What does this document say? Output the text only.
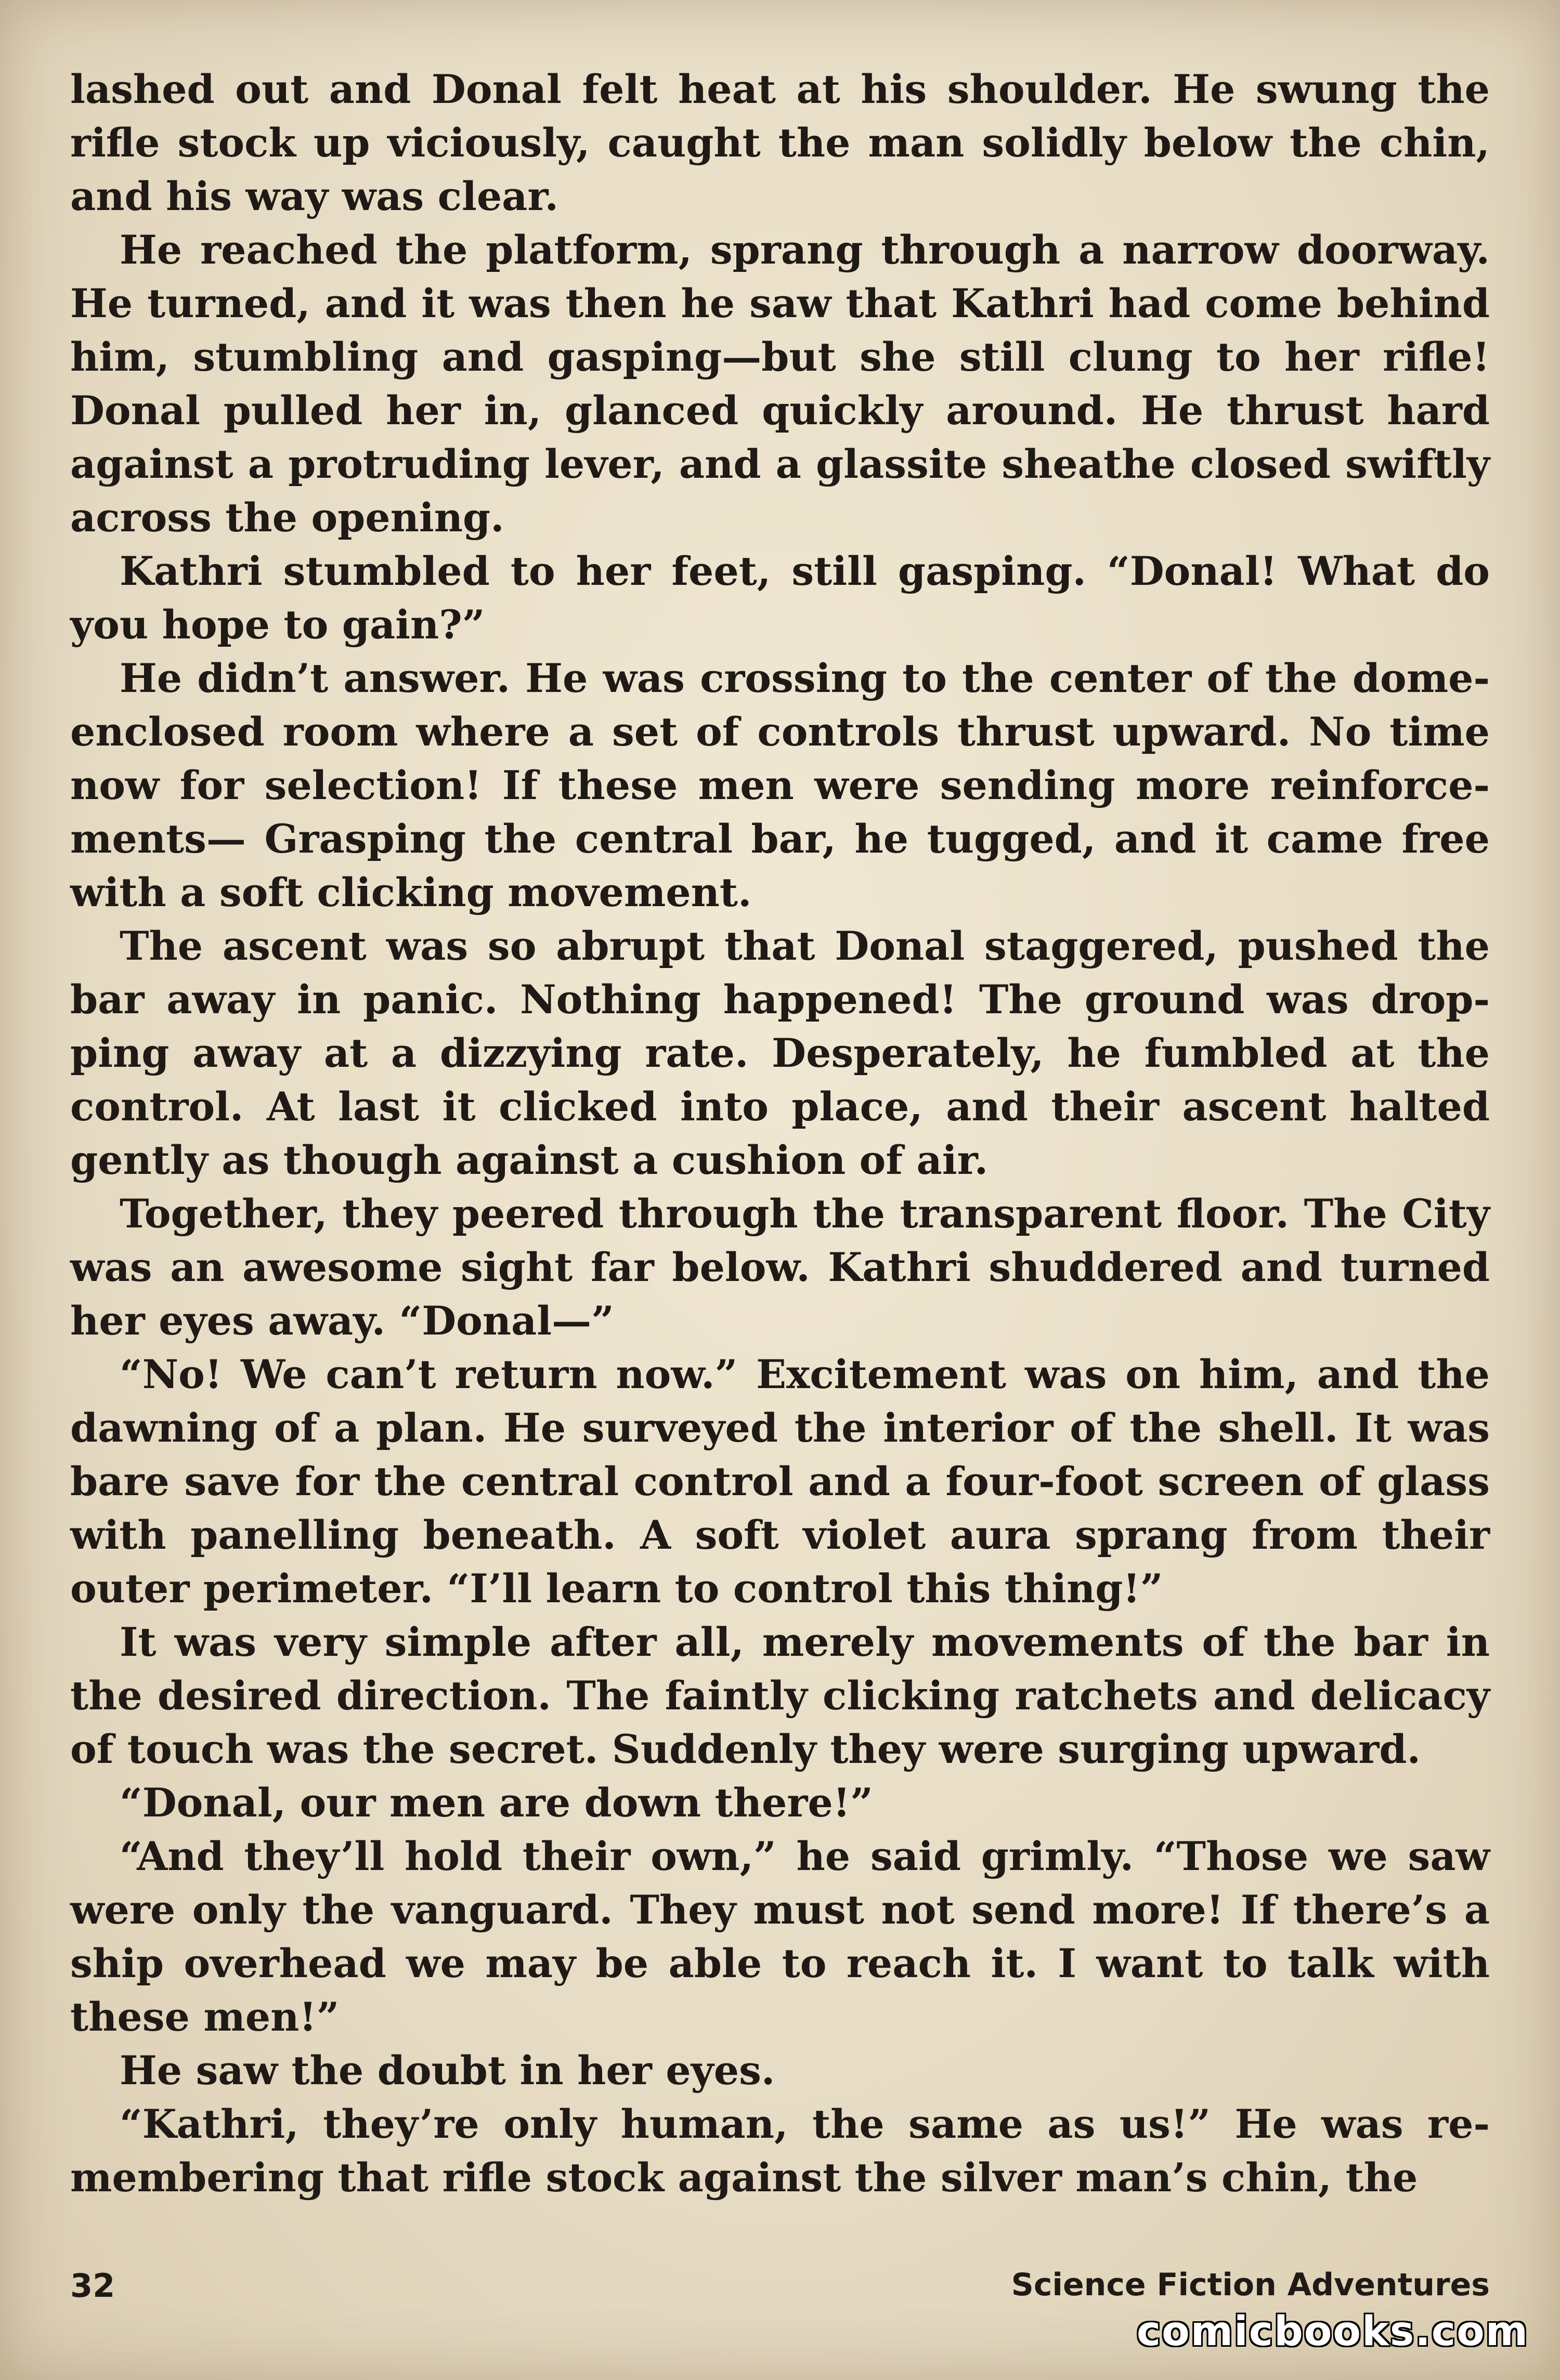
lashed out and Donal felt heat at his shoulder. He swung the rifle stock up viciously, caught the man solidly below the chin, and his way was clear.

He reached the platform, sprang through a narrow doorway. He turned, and it was then he saw that Kathri had come behind him, stumbling and gasping—but she still clung to her rifle! Donal pulled her in, glanced quickly around. He thrust hard against a protruding lever, and a glassite sheathe closed swiftly across the opening.

Kathri stumbled to her feet, still gasping. “Donal! What do you hope to gain?”

He didn’t answer. He was crossing to the center of the dome-enclosed room where a set of controls thrust upward. No time now for selection! If these men were sending more reinforcements— Grasping the central bar, he tugged, and it came free with a soft clicking movement.

The ascent was so abrupt that Donal staggered, pushed the bar away in panic. Nothing happened! The ground was dropping away at a dizzying rate. Desperately, he fumbled at the control. At last it clicked into place, and their ascent halted gently as though against a cushion of air.

Together, they peered through the transparent floor. The City was an awesome sight far below. Kathri shuddered and turned her eyes away. “Donal—”

“No! We can’t return now.” Excitement was on him, and the dawning of a plan. He surveyed the interior of the shell. It was bare save for the central control and a four-foot screen of glass with panelling beneath. A soft violet aura sprang from their outer perimeter. “I’ll learn to control this thing!”

It was very simple after all, merely movements of the bar in the desired direction. The faintly clicking ratchets and delicacy of touch was the secret. Suddenly they were surging upward.

“Donal, our men are down there!”

“And they’ll hold their own,” he said grimly. “Those we saw were only the vanguard. They must not send more! If there’s a ship overhead we may be able to reach it. I want to talk with these men!”

He saw the doubt in her eyes.

“Kathri, they’re only human, the same as us!” He was remembering that rifle stock against the silver man’s chin, the

32	Science Fiction Adventures
comicbooks.com
